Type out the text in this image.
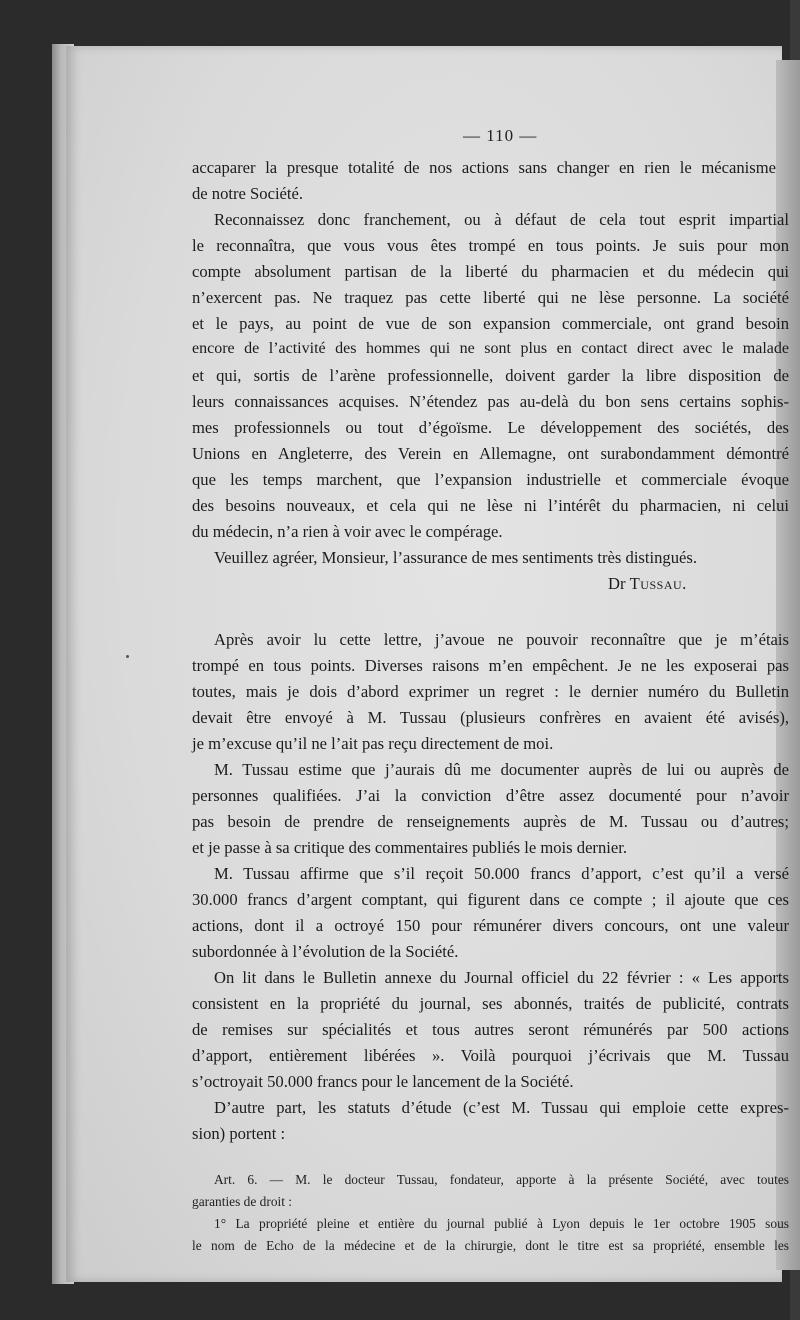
— 110 —
accaparer la presque totalité de nos actions sans changer en rien le mécanisme
de notre Société.
Reconnaissez donc franchement, ou à défaut de cela tout esprit impartial
le reconnaîtra, que vous vous êtes trompé en tous points. Je suis pour mon
compte absolument partisan de la liberté du pharmacien et du médecin qui
n’exercent pas. Ne traquez pas cette liberté qui ne lèse personne. La société
et le pays, au point de vue de son expansion commerciale, ont grand besoin
encore de l’activité des hommes qui ne sont plus en contact direct avec le malade
et qui, sortis de l’arène professionnelle, doivent garder la libre disposition de
leurs connaissances acquises. N’étendez pas au-delà du bon sens certains sophis-
mes professionnels ou tout d’égoïsme. Le développement des sociétés, des
Unions en Angleterre, des Verein en Allemagne, ont surabondamment démontré
que les temps marchent, que l’expansion industrielle et commerciale évoque
des besoins nouveaux, et cela qui ne lèse ni l’intérêt du pharmacien, ni celui
du médecin, n’a rien à voir avec le compérage.
Veuillez agréer, Monsieur, l’assurance de mes sentiments très distingués.
Dr Tussau.
Après avoir lu cette lettre, j’avoue ne pouvoir reconnaître que je m’étais
trompé en tous points. Diverses raisons m’en empêchent. Je ne les exposerai pas
toutes, mais je dois d’abord exprimer un regret : le dernier numéro du Bulletin
devait être envoyé à M. Tussau (plusieurs confrères en avaient été avisés),
je m’excuse qu’il ne l’ait pas reçu directement de moi.
M. Tussau estime que j’aurais dû me documenter auprès de lui ou auprès de
personnes qualifiées. J’ai la conviction d’être assez documenté pour n’avoir
pas besoin de prendre de renseignements auprès de M. Tussau ou d’autres;
et je passe à sa critique des commentaires publiés le mois dernier.
M. Tussau affirme que s’il reçoit 50.000 francs d’apport, c’est qu’il a versé
30.000 francs d’argent comptant, qui figurent dans ce compte ; il ajoute que ces
actions, dont il a octroyé 150 pour rémunérer divers concours, ont une valeur
subordonnée à l’évolution de la Société.
On lit dans le Bulletin annexe du Journal officiel du 22 février : « Les apports
consistent en la propriété du journal, ses abonnés, traités de publicité, contrats
de remises sur spécialités et tous autres seront rémunérés par 500 actions
d’apport, entièrement libérées ». Voilà pourquoi j’écrivais que M. Tussau
s’octroyait 50.000 francs pour le lancement de la Société.
D’autre part, les statuts d’étude (c’est M. Tussau qui emploie cette expres-
sion) portent :
Art. 6. — M. le docteur Tussau, fondateur, apporte à la présente Société, avec toutes
garanties de droit :
1° La propriété pleine et entière du journal publié à Lyon depuis le 1er octobre 1905 sous
le nom de Echo de la médecine et de la chirurgie, dont le titre est sa propriété, ensemble les
